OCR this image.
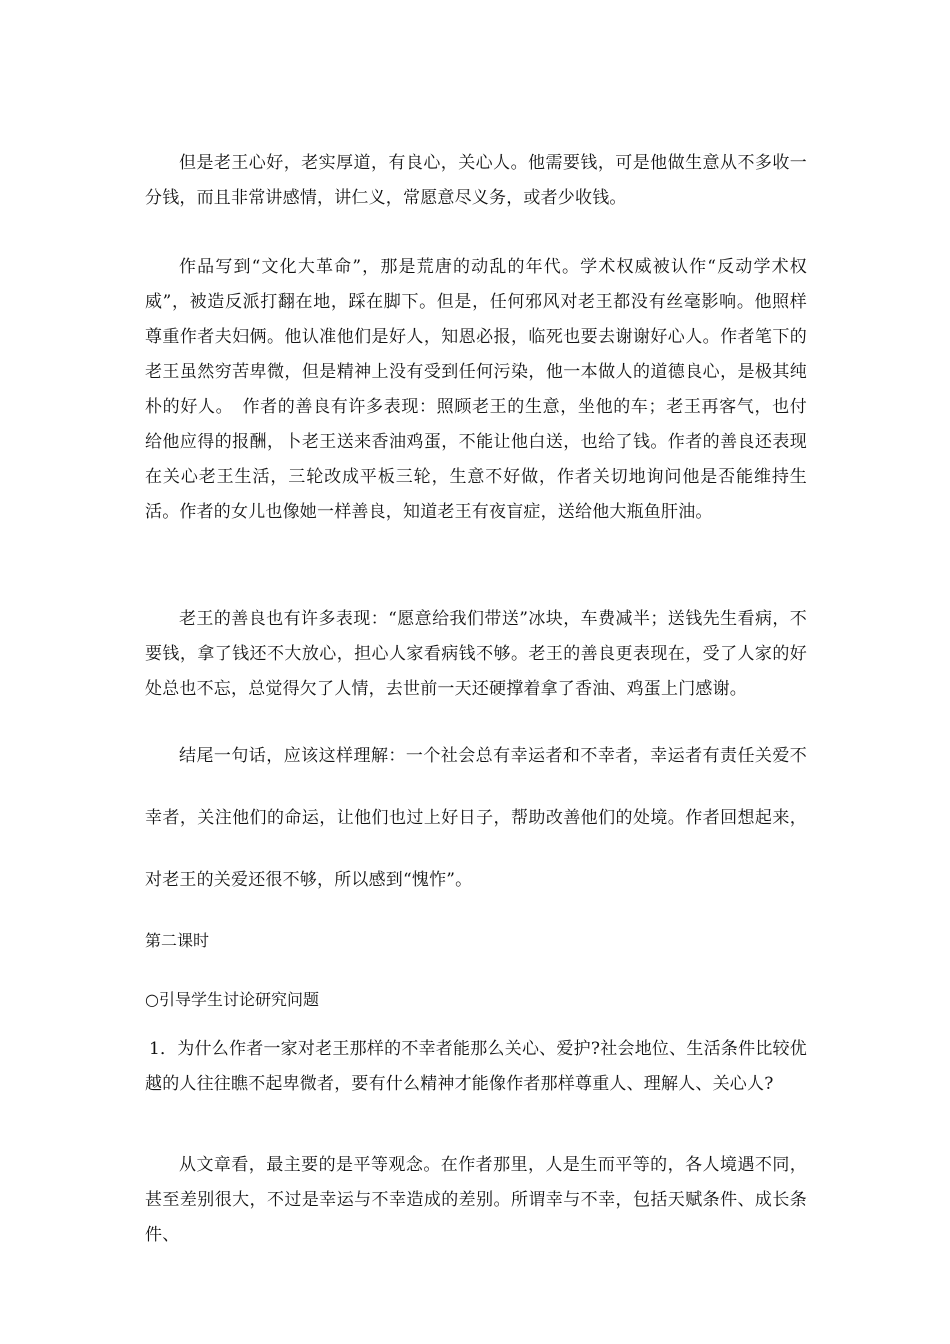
但是老王心好，老实厚道，有良心，关心人。他需要钱，可是他做生意从不多收一分钱，而且非常讲感情，讲仁义，常愿意尽义务，或者少收钱。

作品写到“文化大革命”，那是荒唐的动乱的年代。学术权威被认作“反动学术权威”，被造反派打翻在地，踩在脚下。但是，任何邪风对老王都没有丝毫影响。他照样尊重作者夫妇俩。他认准他们是好人，知恩必报，临死也要去谢谢好心人。作者笔下的老王虽然穷苦卑微，但是精神上没有受到任何污染，他一本做人的道德良心，是极其纯朴的好人。　作者的善良有许多表现：照顾老王的生意，坐他的车；老王再客气，也付给他应得的报酬，卜老王送来香油鸡蛋，不能让他白送，也给了钱。作者的善良还表现在关心老王生活，三轮改成平板三轮，生意不好做，作者关切地询问他是否能维持生活。作者的女儿也像她一样善良，知道老王有夜盲症，送给他大瓶鱼肝油。

老王的善良也有许多表现：“愿意给我们带送”冰块，车费减半；送钱先生看病，不要钱，拿了钱还不大放心，担心人家看病钱不够。老王的善良更表现在，受了人家的好处总也不忘，总觉得欠了人情，去世前一天还硬撑着拿了香油、鸡蛋上门感谢。

结尾一句话，应该这样理解：一个社会总有幸运者和不幸者，幸运者有责任关爱不幸者，关注他们的命运，让他们也过上好日子，帮助改善他们的处境。作者回想起来，对老王的关爱还很不够，所以感到“愧怍”。

第二课时

○引导学生讨论研究问题

1．为什么作者一家对老王那样的不幸者能那么关心、爱护?社会地位、生活条件比较优越的人往往瞧不起卑微者，要有什么精神才能像作者那样尊重人、理解人、关心人?

从文章看，最主要的是平等观念。在作者那里，人是生而平等的，各人境遇不同，甚至差别很大，不过是幸运与不幸造成的差别。所谓幸与不幸，包括天赋条件、成长条件、
